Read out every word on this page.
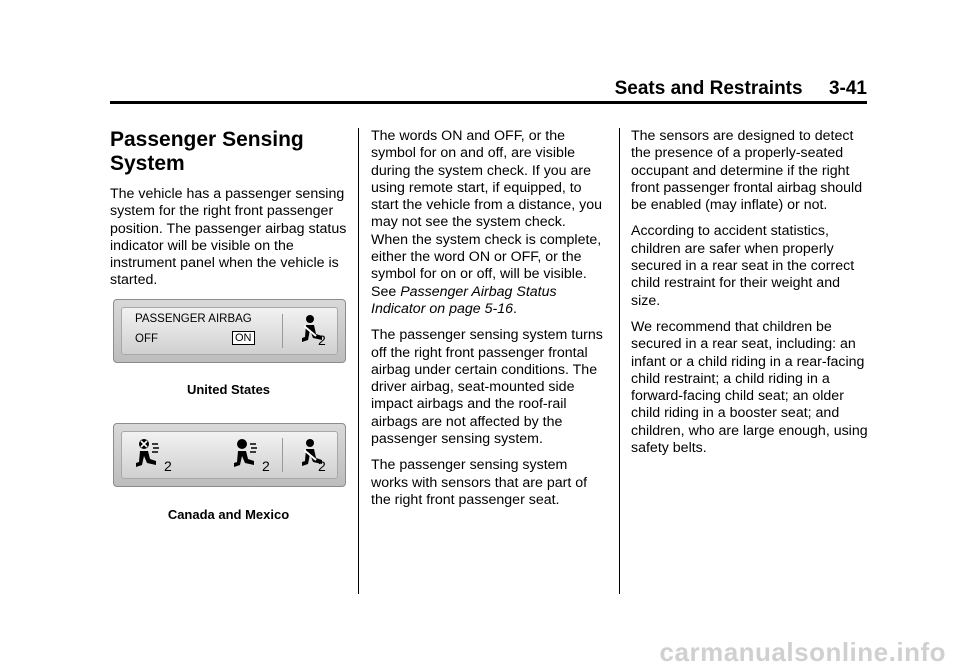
Seats and Restraints     3-41
Passenger Sensing System

The vehicle has a passenger sensing system for the right front passenger position. The passenger airbag status indicator will be visible on the instrument panel when the vehicle is started.

PASSENGER AIRBAG
OFF	ON	2
United States
2	2	2
Canada and Mexico

The words ON and OFF, or the symbol for on and off, are visible during the system check. If you are using remote start, if equipped, to start the vehicle from a distance, you may not see the system check. When the system check is complete, either the word ON or OFF, or the symbol for on or off, will be visible. See Passenger Airbag Status Indicator on page 5-16.

The passenger sensing system turns off the right front passenger frontal airbag under certain conditions. The driver airbag, seat-mounted side impact airbags and the roof-rail airbags are not affected by the passenger sensing system.

The passenger sensing system works with sensors that are part of the right front passenger seat.

The sensors are designed to detect the presence of a properly-seated occupant and determine if the right front passenger frontal airbag should be enabled (may inflate) or not.

According to accident statistics, children are safer when properly secured in a rear seat in the correct child restraint for their weight and size.

We recommend that children be secured in a rear seat, including: an infant or a child riding in a rear-facing child restraint; a child riding in a forward-facing child seat; an older child riding in a booster seat; and children, who are large enough, using safety belts.

carmanualsonline.info
